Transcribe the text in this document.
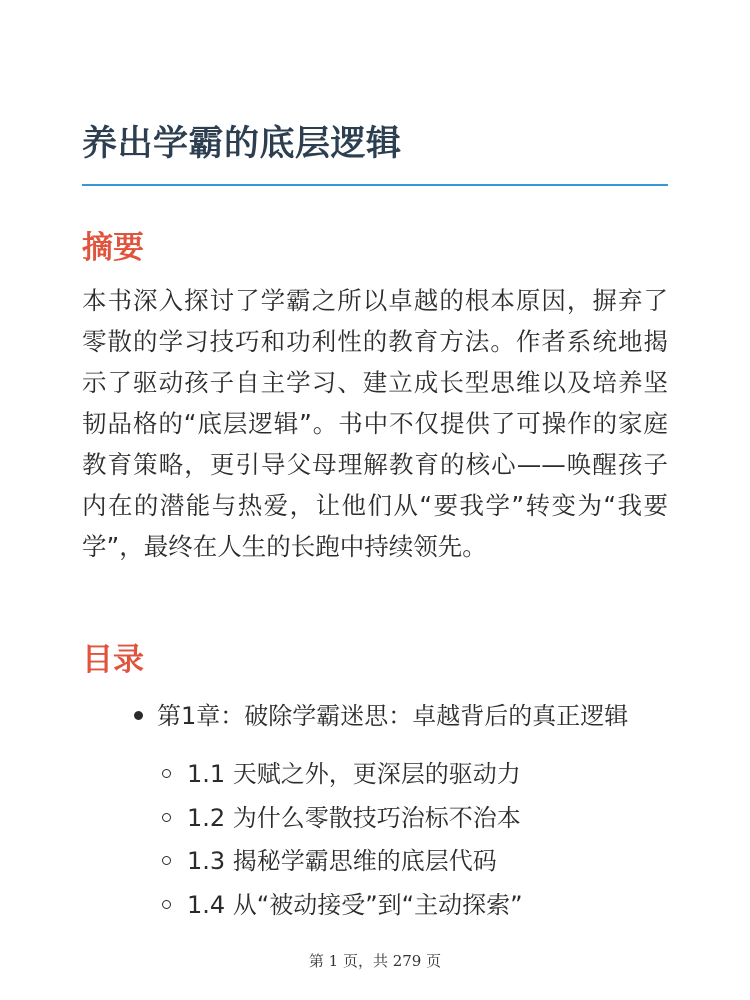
养出学霸的底层逻辑
摘要

本书深入探讨了学霸之所以卓越的根本原因，摒弃了零散的学习技巧和功利性的教育方法。作者系统地揭示了驱动孩子自主学习、建立成长型思维以及培养坚韧品格的“底层逻辑”。书中不仅提供了可操作的家庭教育策略，更引导父母理解教育的核心——唤醒孩子内在的潜能与热爱，让他们从“要我学”转变为“我要学”，最终在人生的长跑中持续领先。

目录
第1章：破除学霸迷思：卓越背后的真正逻辑
1.1 天赋之外，更深层的驱动力
1.2 为什么零散技巧治标不治本
1.3 揭秘学霸思维的底层代码
1.4 从“被动接受”到“主动探索”
第 1 页，共 279 页
